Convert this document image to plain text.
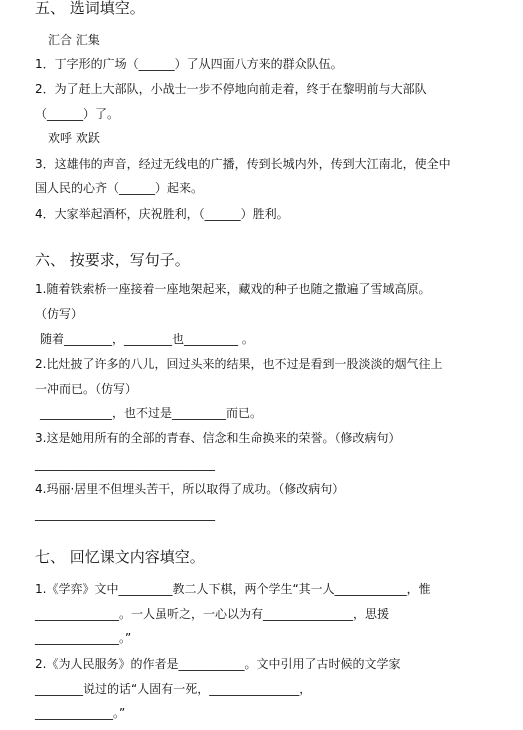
五、 选词填空。
汇合 汇集
1．丁字形的广场（______）了从四面八方来的群众队伍。
2．为了赶上大部队，小战士一步不停地向前走着，终于在黎明前与大部队
（______）了。
欢呼 欢跃
3．这雄伟的声音，经过无线电的广播，传到长城内外，传到大江南北，使全中
国人民的心齐（______）起来。
4．大家举起酒杯，庆祝胜利，（______）胜利。
六、 按要求，写句子。
1.随着铁索桥一座接着一座地架起来，藏戏的种子也随之撒遍了雪域高原。
（仿写）
随着________，________也_________ 。
2.比灶披了许多的八儿，回过头来的结果，也不过是看到一股淡淡的烟气往上
一冲而已。（仿写）
____________，也不过是_________而已。
3.这是她用所有的全部的青春、信念和生命换来的荣誉。（修改病句）
______________________________
4.玛丽·居里不但埋头苦干，所以取得了成功。（修改病句）
______________________________
七、 回忆课文内容填空。
1.《学弈》文中_________教二人下棋，两个学生“其一人____________，惟
______________。一人虽听之，一心以为有_______________，思援
______________。”
2.《为人民服务》的作者是___________。文中引用了古时候的文学家
________说过的话“人固有一死，_______________，
_____________。”
